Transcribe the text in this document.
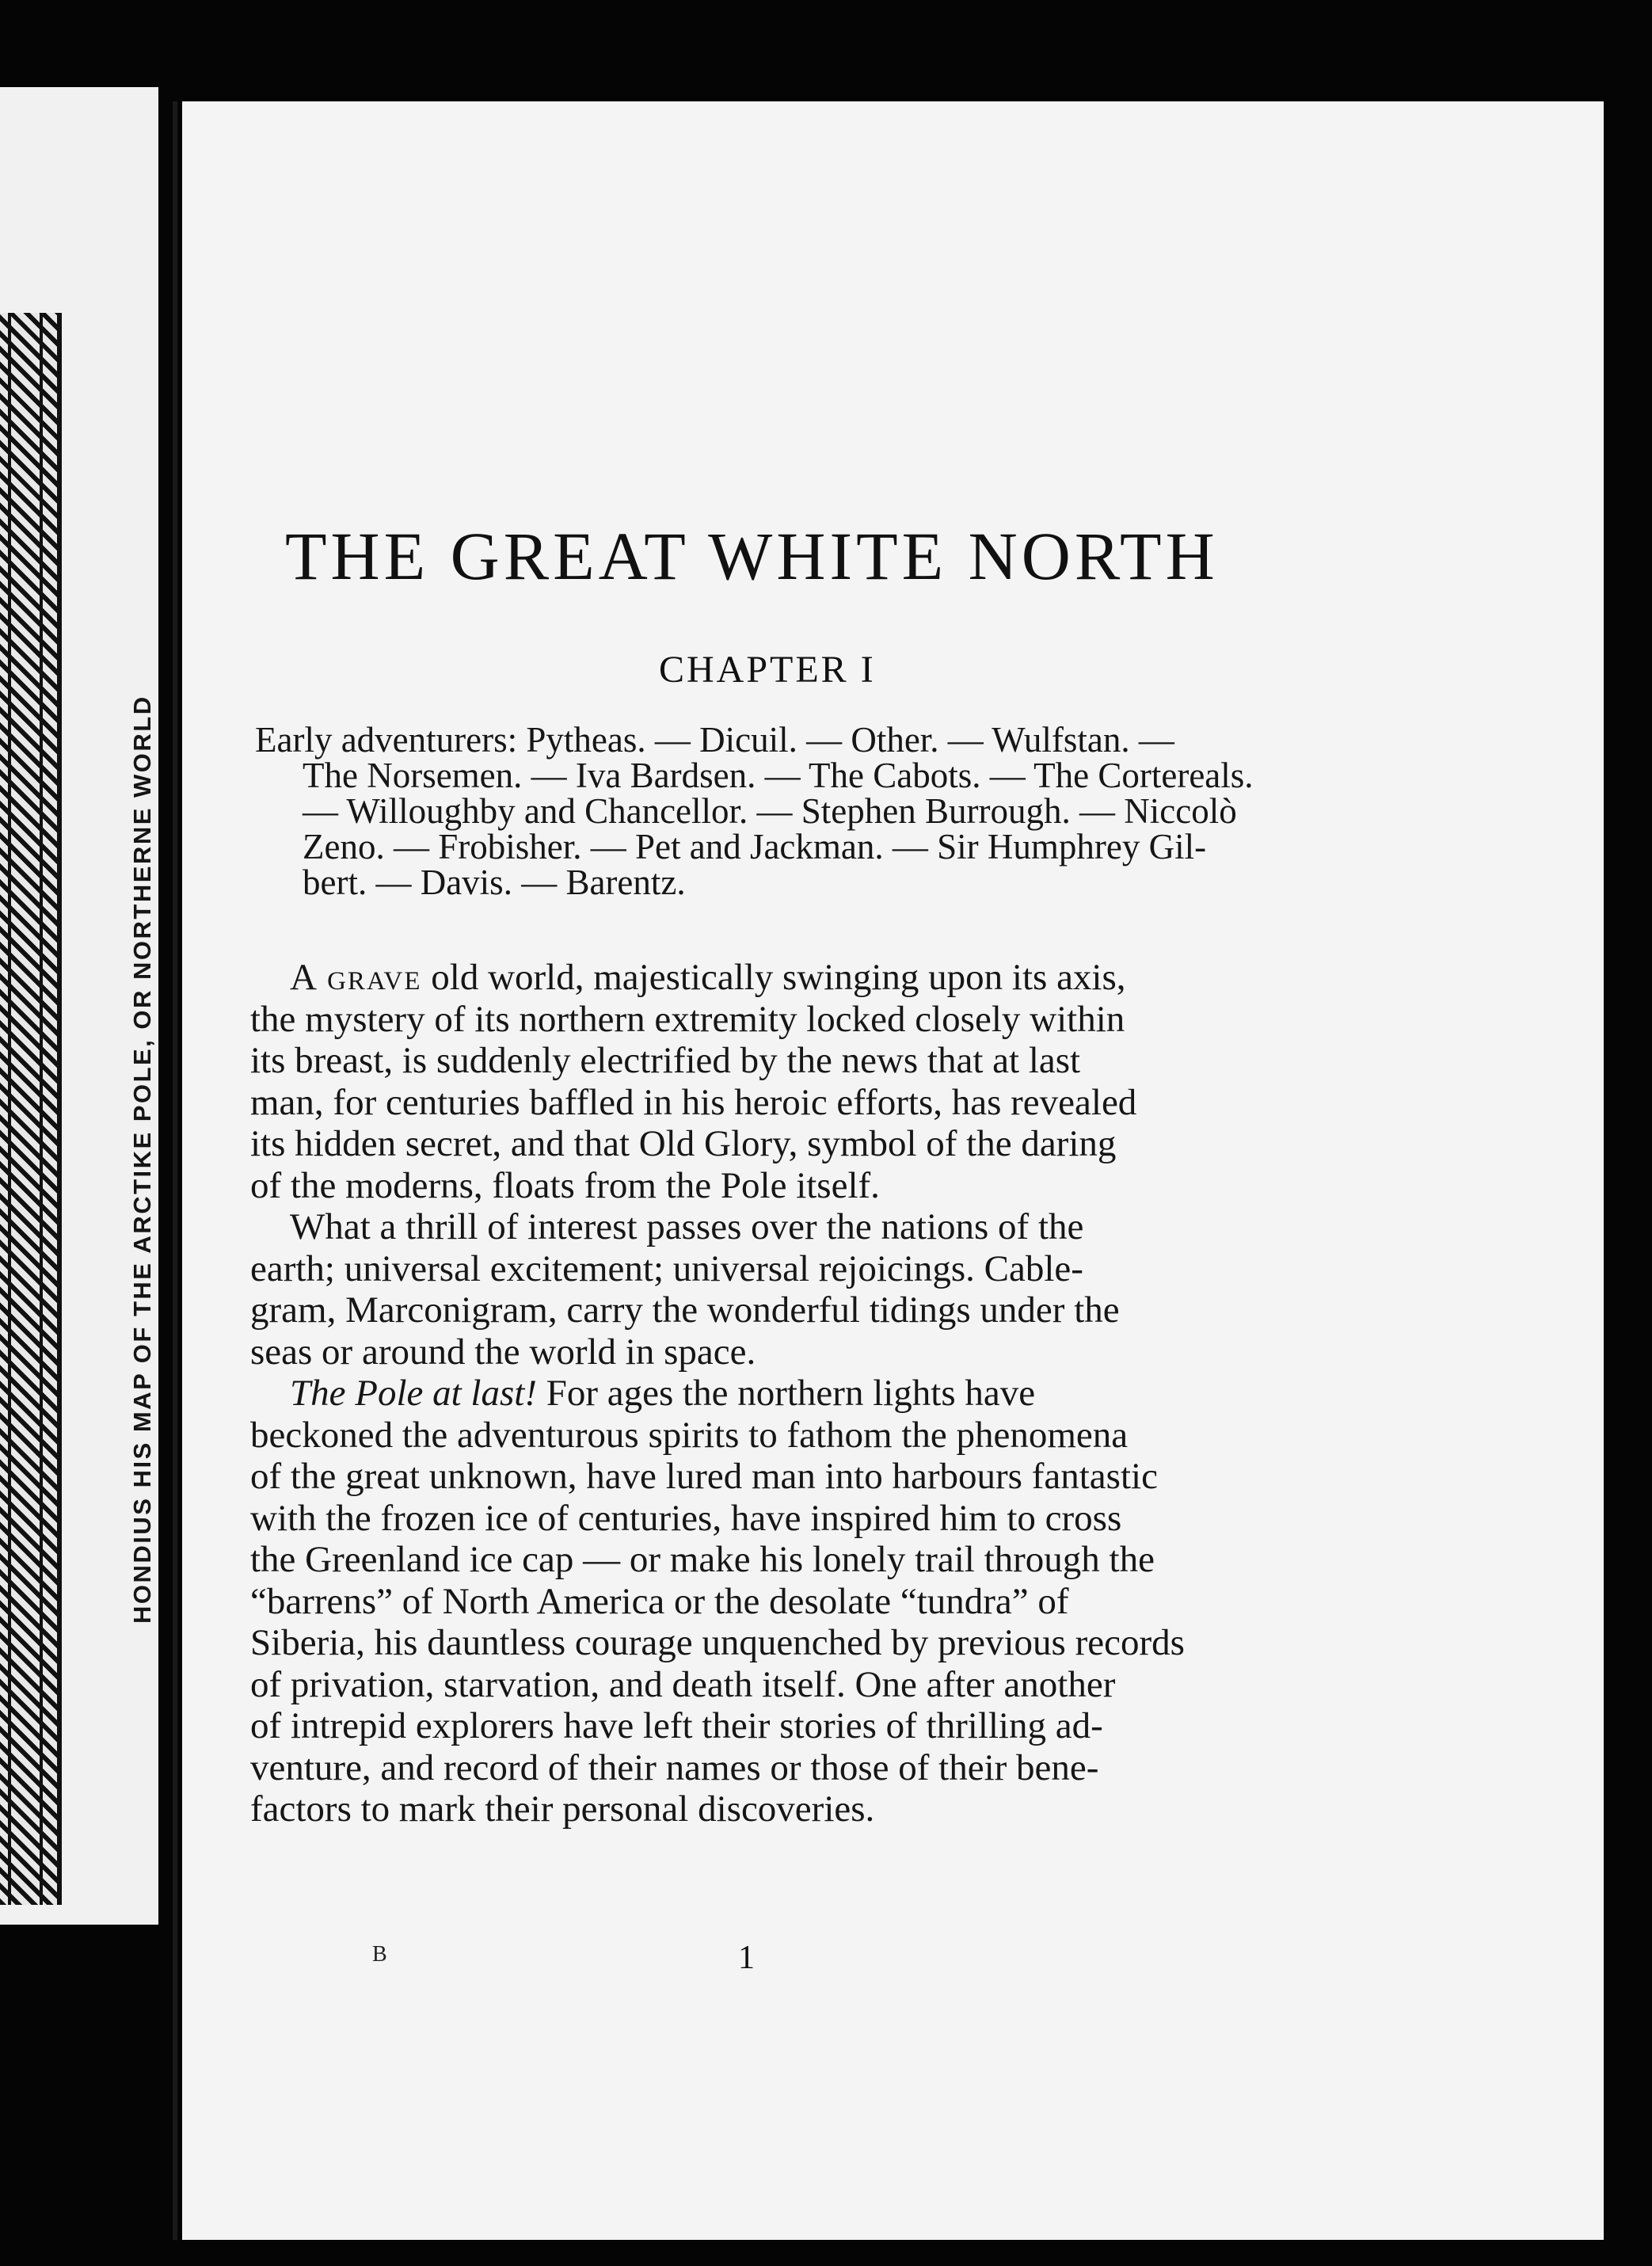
HONDIUS HIS MAP OF THE ARCTIKE POLE, OR NORTHERNE WORLD
THE GREAT WHITE NORTH
CHAPTER I
Early adventurers: Pytheas. — Dicuil. — Other. — Wulfstan. —
The Norsemen. — Iva Bardsen. — The Cabots. — The Cortereals.
— Willoughby and Chancellor. — Stephen Burrough. — Niccolò
Zeno. — Frobisher. — Pet and Jackman. — Sir Humphrey Gil-
bert. — Davis. — Barentz.
A grave old world, majestically swinging upon its axis,
the mystery of its northern extremity locked closely within
its breast, is suddenly electrified by the news that at last
man, for centuries baffled in his heroic efforts, has revealed
its hidden secret, and that Old Glory, symbol of the daring
of the moderns, floats from the Pole itself.
What a thrill of interest passes over the nations of the
earth; universal excitement; universal rejoicings. Cable-
gram, Marconigram, carry the wonderful tidings under the
seas or around the world in space.
The Pole at last! For ages the northern lights have
beckoned the adventurous spirits to fathom the phenomena
of the great unknown, have lured man into harbours fantastic
with the frozen ice of centuries, have inspired him to cross
the Greenland ice cap — or make his lonely trail through the
“barrens” of North America or the desolate “tundra” of
Siberia, his dauntless courage unquenched by previous records
of privation, starvation, and death itself. One after another
of intrepid explorers have left their stories of thrilling ad-
venture, and record of their names or those of their bene-
factors to mark their personal discoveries.
B	1
